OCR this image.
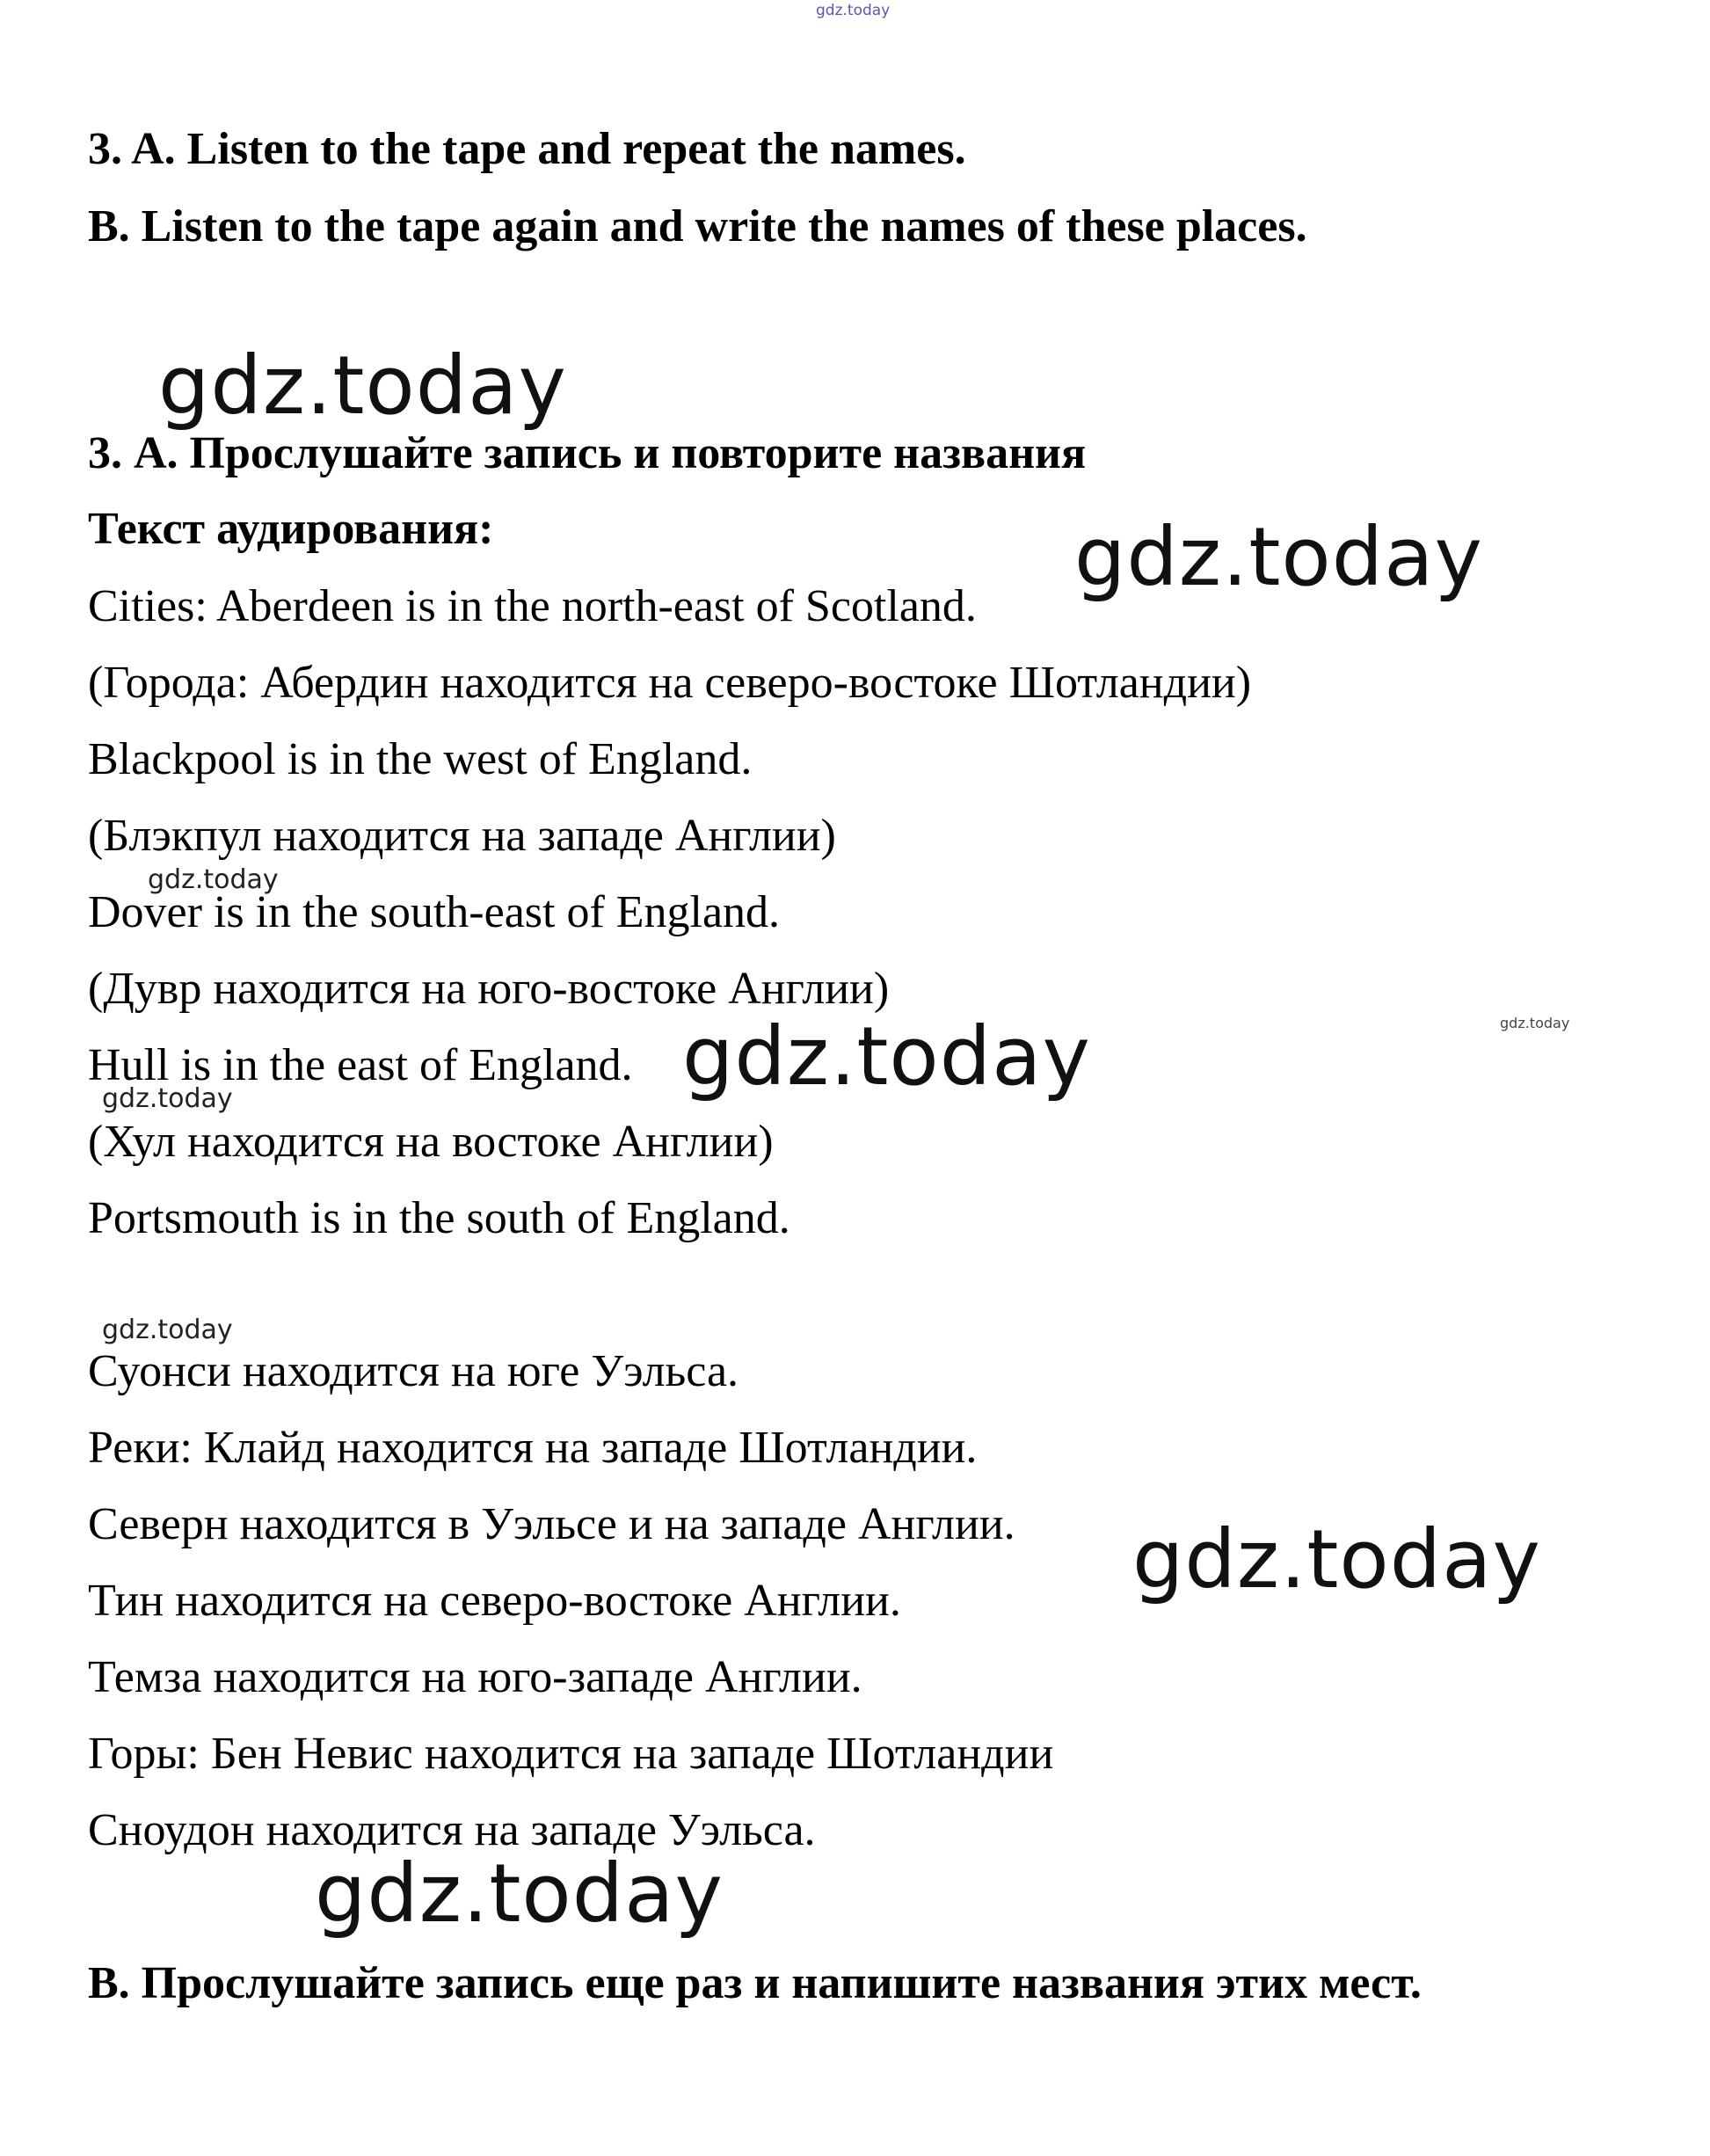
gdz.today
3. A. Listen to the tape and repeat the names.
B. Listen to the tape again and write the names of these places.
gdz.today
3. А. Прослушайте запись и повторите названия
Текст аудирования:	gdz.today
Cities: Aberdeen is in the north-east of Scotland.
(Города: Абердин находится на северо-востоке Шотландии)
Blackpool is in the west of England.
(Блэкпул находится на западе Англии)
gdz.today
Dover is in the south-east of England.
(Дувр находится на юго-востоке Англии)
gdz.today
Hull is in the east of England. gdz.today
gdz.today
(Хул находится на востоке Англии)
Portsmouth is in the south of England.
gdz.today
Суонси находится на юге Уэльса.
Реки: Клайд находится на западе Шотландии.
Северн находится в Уэльсе и на западе Англии. gdz.today
Тин находится на северо-востоке Англии.
Темза находится на юго-западе Англии.
Горы: Бен Невис находится на западе Шотландии
Сноудон находится на западе Уэльса.
gdz.today
В. Прослушайте запись еще раз и напишите названия этих мест.
